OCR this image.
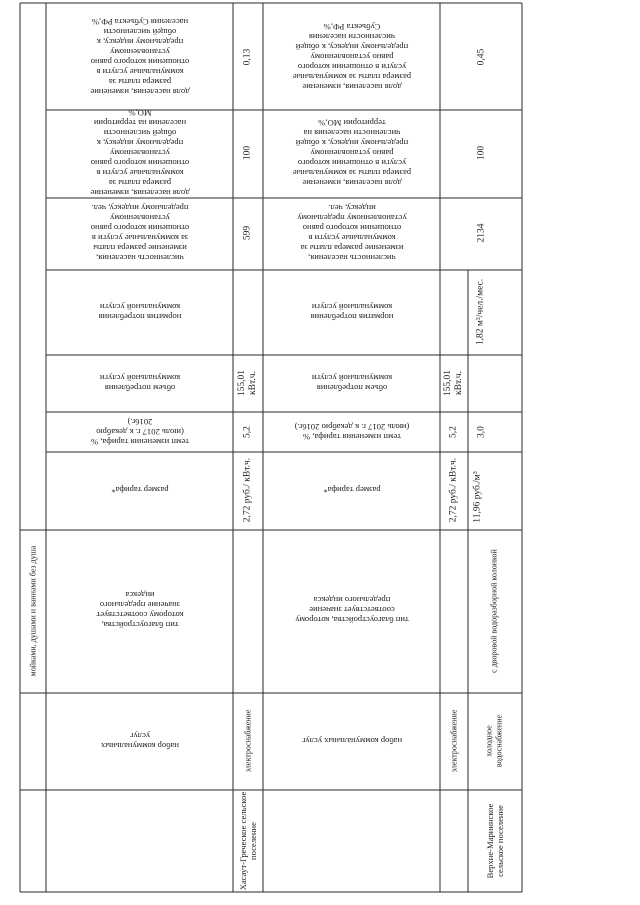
доля населения, изменение размера платы за коммунальные услуги в отношении которого равно установленному предельному индексу, к общей численности населения Субъекта РФ,%
доля населения, изменение размера платы за коммунальные услуги в отношении которого равно установленному предельному индексу, к общей численности населения на территории МО,%
численность населения, изменение размера платы за коммунальные услуги в отношении которого равно установленному предельному индексу, чел.
норматив потребления коммунальной услуги
объем потребления коммунальной услуги
темп изменения тарифа, % (июль 2017 г. к декабрю 2016г.)
размер тарифа*
тип благоустройства, которому соответствует значение предельного индекса
набор коммунальных услуг
мойками, душами и ваннами без душа
Хасаут-Греческое сельское поселение
0,13
100
599
155,01 кВт.ч.
5,2
2,72 руб./ кВт.ч.
электроснабжение
доля населения, изменение размера платы за коммунальные услуги в отношении которого равно установленному предельному индексу, к общей численности населения Субъекта РФ,%
доля населения, изменение размера платы за коммунальные услуги в отношении которого равно установленному предельному индексу, к общей численности населения на территории МО,%
численность населения, изменение размера платы за коммунальные услуги в отношении которого равно установленному предельному индексу, чел.
норматив потребления коммунальной услуги
объем потребления коммунальной услуги
темп изменения тарифа, % (июль 2017 г. к декабрю 2016г.)
размер тарифа*
тип благоустройства, которому соответствует значение предельного индекса
набор коммунальных услуг
Верхне-Мариинское сельское поселение
0,45
100
2134
1,82 м³/чел./мес.
155,01 кВт.ч.
5,2 3,0
2,72 руб./ кВт.ч. 11,96 руб./м³
с дворовой водоразборной колонкой
электроснабжение	холодное водоснабжение
